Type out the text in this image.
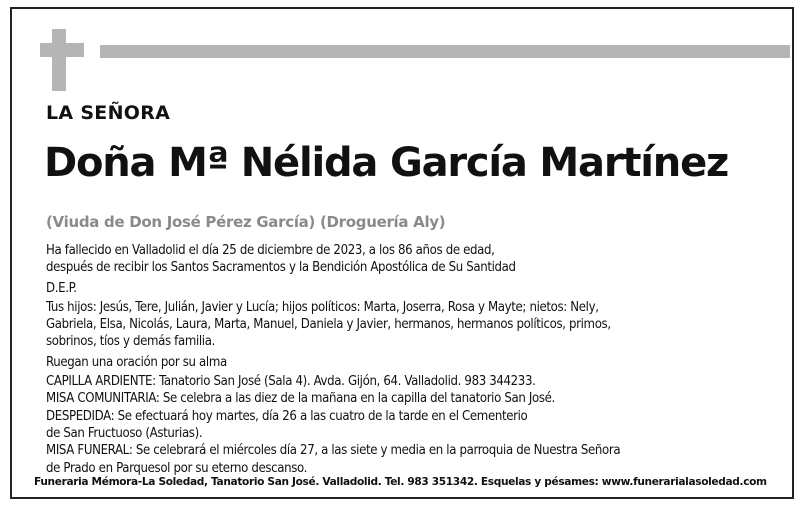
LA SEÑORA
Doña Mª Nélida García Martínez
(Viuda de Don José Pérez García) (Droguería Aly)

Ha fallecido en Valladolid el día 25 de diciembre de 2023, a los 86 años de edad,

después de recibir los Santos Sacramentos y la Bendición Apostólica de Su Santidad

D.E.P.

Tus hijos: Jesús, Tere, Julián, Javier y Lucía; hijos políticos: Marta, Joserra, Rosa y Mayte; nietos: Nely,

Gabriela, Elsa, Nicolás, Laura, Marta, Manuel, Daniela y Javier, hermanos, hermanos políticos, primos,

sobrinos, tíos y demás familia.

Ruegan una oración por su alma

CAPILLA ARDIENTE: Tanatorio San José (Sala 4). Avda. Gijón, 64. Valladolid. 983 344233.

MISA COMUNITARIA: Se celebra a las diez de la mañana en la capilla del tanatorio San José.

DESPEDIDA: Se efectuará hoy martes, día 26 a las cuatro de la tarde en el Cementerio

de San Fructuoso (Asturias).

MISA FUNERAL: Se celebrará el miércoles día 27, a las siete y media en la parroquia de Nuestra Señora

de Prado en Parquesol por su eterno descanso.

Funeraria Mémora-La Soledad, Tanatorio San José. Valladolid. Tel. 983 351342. Esquelas y pésames: www.funerarialasoledad.com
